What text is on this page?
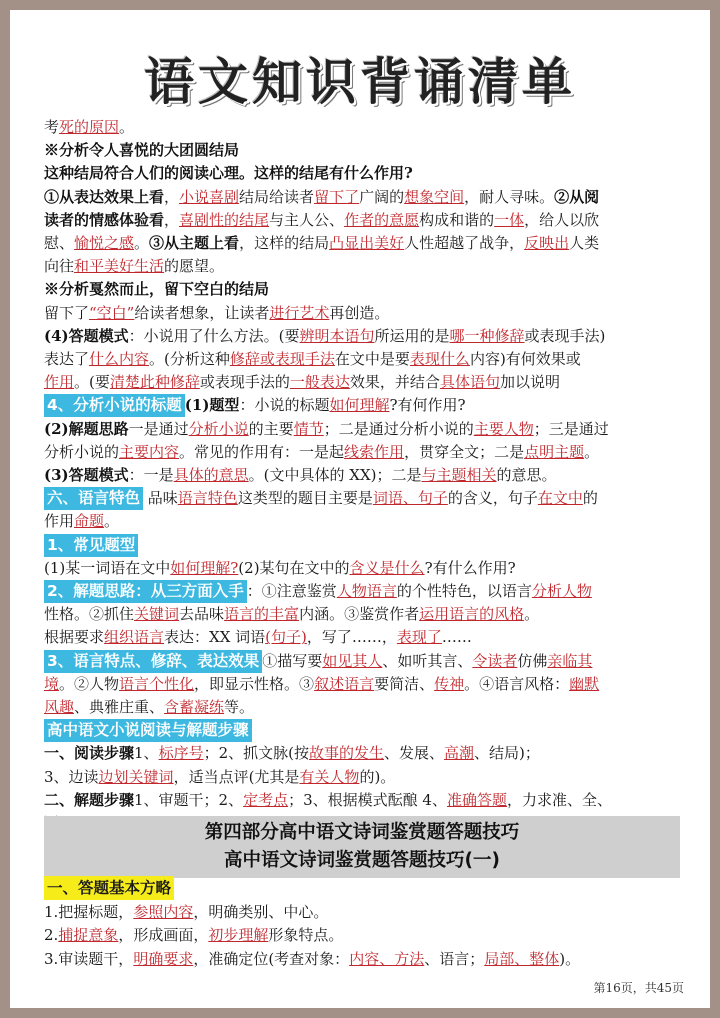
语文知识背诵清单
考死的原因。
※分析令人喜悦的大团圆结局
这种结局符合人们的阅读心理。这样的结尾有什么作用?
①从表达效果上看，小说喜剧结局给读者留下了广阔的想象空间，耐人寻味。②从阅
读者的情感体验看，喜剧性的结尾与主人公、作者的意愿构成和谐的一体，给人以欣
慰、愉悦之感。③从主题上看，这样的结局凸显出美好人性超越了战争，反映出人类
向往和平美好生活的愿望。
※分析戛然而止，留下空白的结局
留下了“空白”给读者想象，让读者进行艺术再创造。
(4)答题模式：小说用了什么方法。(要辨明本语句所运用的是哪一种修辞或表现手法)
表达了什么内容。(分析这种修辞或表现手法在文中是要表现什么内容)有何效果或
作用。(要清楚此种修辞或表现手法的一般表达效果，并结合具体语句加以说明
4、分析小说的标题 (1)题型：小说的标题如何理解?有何作用?
(2)解题思路一是通过分析小说的主要情节；二是通过分析小说的主要人物；三是通过
分析小说的主要内容。常见的作用有：一是起线索作用，贯穿全文；二是点明主题。
(3)答题模式：一是具体的意思。(文中具体的 XX)；二是与主题相关的意思。
六、语言特色 品味语言特色这类型的题目主要是词语、句子的含义，句子在文中的
作用命题。
1、常见题型
(1)某一词语在文中如何理解?(2)某句在文中的含义是什么?有什么作用?
2、解题思路：从三方面入手 ：①注意鉴赏人物语言的个性特色，以语言分析人物
性格。②抓住关键词去品味语言的丰富内涵。③鉴赏作者运用语言的风格。
根据要求组织语言表达：XX 词语(句子)，写了……，表现了……
3、语言特点、修辞、表达效果 ①描写要如见其人、如听其言、令读者仿佛亲临其
境。②人物语言个性化，即显示性格。③叙述语言要简洁、传神。④语言风格：幽默
风趣、典雅庄重、含蓄凝练等。
高中语文小说阅读与解题步骤
一、阅读步骤1、标序号；2、抓文脉(按故事的发生、发展、高潮、结局)；
3、边读边划关键词，适当点评(尤其是有关人物的)。
二、解题步骤1、审题干；2、定考点；3、根据模式酝酿 4、准确答题，力求准、全、
第四部分高中语文诗词鉴赏题答题技巧
高中语文诗词鉴赏题答题技巧(一)
一、答题基本方略
1.把握标题，参照内容，明确类别、中心。
2.捕捉意象，形成画面，初步理解形象特点。
3.审读题干，明确要求，准确定位(考查对象：内容、方法、语言；局部、整体)。
第16页，共45页
